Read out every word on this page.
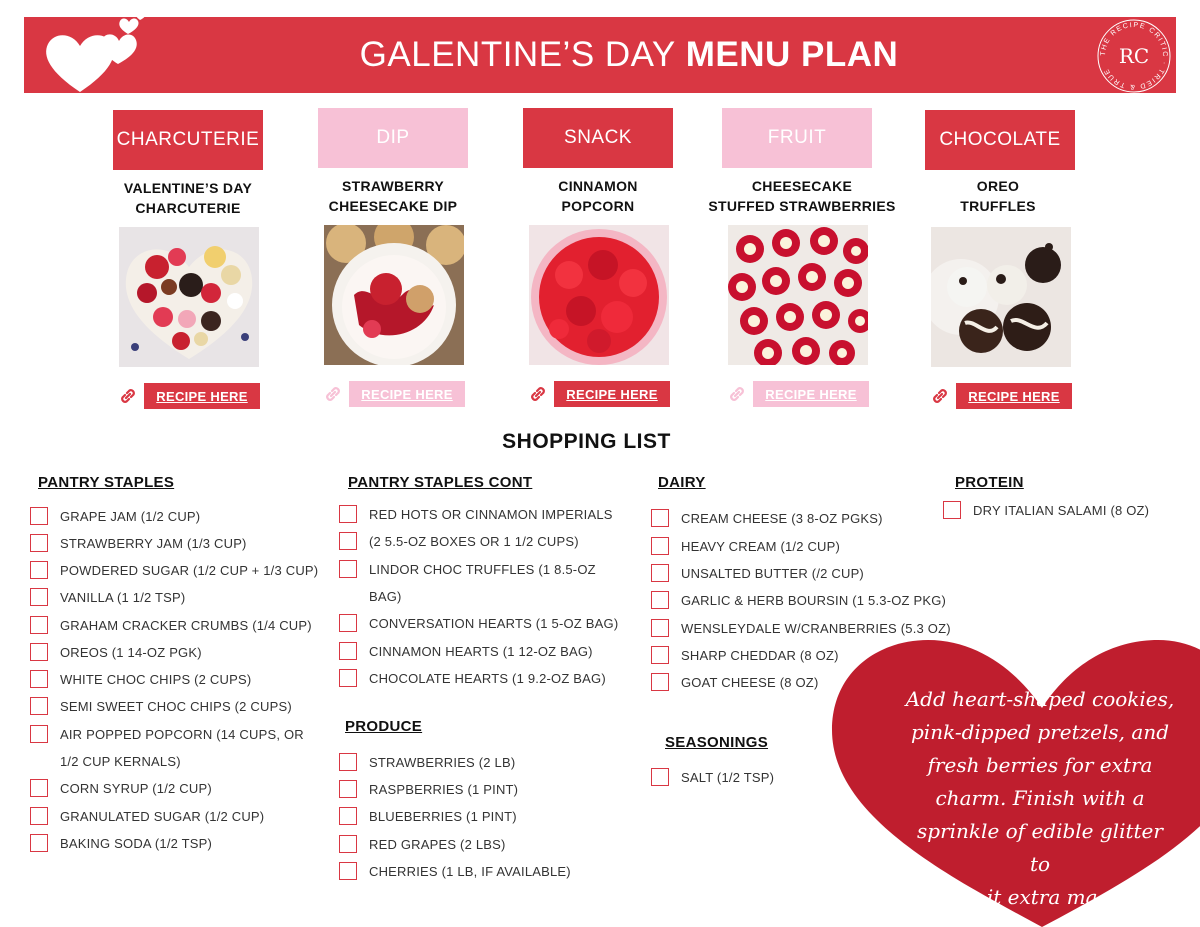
GALENTINE’S DAY MENU PLAN	THE RECIPE CRITIC · TRIED & TRUE
RC
CHARCUTERIE	DIP	SNACK	FRUIT	CHOCOLATE
VALENTINE’S DAY
CHARCUTERIE
STRAWBERRY
CHEESECAKE DIP
CINNAMON
POPCORN
CHEESECAKE
STUFFED STRAWBERRIES
OREO
TRUFFLES
RECIPE HERE	RECIPE HERE	RECIPE HERE	RECIPE HERE	RECIPE HERE
SHOPPING LIST
PANTRY STAPLES	PANTRY STAPLES CONT	DAIRY	PROTEIN
PRODUCE
SEASONINGS
GRAPE JAM (1/2 CUP)
STRAWBERRY JAM (1/3 CUP)
POWDERED SUGAR (1/2 CUP + 1/3 CUP)
VANILLA (1 1/2 TSP)
GRAHAM CRACKER CRUMBS (1/4 CUP)
OREOS (1 14-OZ PGK)
WHITE CHOC CHIPS (2 CUPS)
SEMI SWEET CHOC CHIPS (2 CUPS)
AIR POPPED POPCORN (14 CUPS, OR
1/2 CUP KERNALS)
CORN SYRUP (1/2 CUP)
GRANULATED SUGAR (1/2 CUP)
BAKING SODA (1/2 TSP)
RED HOTS OR CINNAMON IMPERIALS
(2 5.5-OZ BOXES OR 1 1/2 CUPS)
LINDOR CHOC TRUFFLES (1 8.5-OZ
BAG)
CONVERSATION HEARTS (1 5-OZ BAG)
CINNAMON HEARTS (1 12-OZ BAG)
CHOCOLATE HEARTS (1 9.2-OZ BAG)
STRAWBERRIES (2 LB)
RASPBERRIES (1 PINT)
BLUEBERRIES (1 PINT)
RED GRAPES (2 LBS)
CHERRIES (1 LB, IF AVAILABLE)
CREAM CHEESE (3 8-OZ PGKS)
HEAVY CREAM (1/2 CUP)
UNSALTED BUTTER (/2 CUP)
GARLIC & HERB BOURSIN (1 5.3-OZ PKG)
WENSLEYDALE W/CRANBERRIES (5.3 OZ)
SHARP CHEDDAR (8 OZ)
GOAT CHEESE (8 OZ)
SALT (1/2 TSP)
DRY ITALIAN SALAMI (8 OZ)
Add heart-shaped cookies,
pink-dipped pretzels, and
fresh berries for extra
charm. Finish with a
sprinkle of edible glitter to
make it extra magical!
